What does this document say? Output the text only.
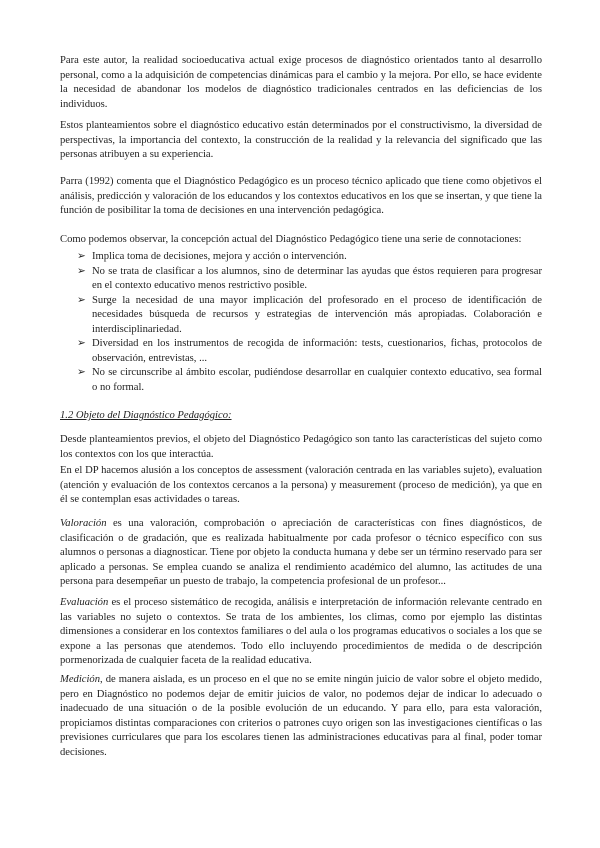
Para este autor, la realidad socioeducativa actual exige procesos de diagnóstico orientados tanto al desarrollo personal, como a la adquisición de competencias dinámicas para el cambio y la mejora. Por ello, se hace evidente la necesidad de abandonar los modelos de diagnóstico tradicionales centrados en las deficiencias de los individuos.

Estos planteamientos sobre el diagnóstico educativo están determinados por el constructivismo, la diversidad de perspectivas, la importancia del contexto, la construcción de la realidad y la relevancia del significado que las personas atribuyen a su experiencia.

Parra (1992) comenta que el Diagnóstico Pedagógico es un proceso técnico aplicado que tiene como objetivos el análisis, predicción y valoración de los educandos y los contextos educativos en los que se insertan, y que tiene la función de posibilitar la toma de decisiones en una intervención pedagógica.

Como podemos observar, la concepción actual del Diagnóstico Pedagógico tiene una serie de connotaciones:

➢ Implica toma de decisiones, mejora y acción o intervención.
➢ No se trata de clasificar a los alumnos, sino de determinar las ayudas que éstos requieren para progresar en el contexto educativo menos restrictivo posible.
➢ Surge la necesidad de una mayor implicación del profesorado en el proceso de identificación de necesidades búsqueda de recursos y estrategias de intervención más apropiadas. Colaboración e interdisciplinariedad.
➢ Diversidad en los instrumentos de recogida de información: tests, cuestionarios, fichas, protocolos de observación, entrevistas, ...
➢ No se circunscribe al ámbito escolar, pudiéndose desarrollar en cualquier contexto educativo, sea formal o no formal.
1.2 Objeto del Diagnóstico Pedagógico:

Desde planteamientos previos, el objeto del Diagnóstico Pedagógico son tanto las características del sujeto como los contextos con los que interactúa.

En el DP hacemos alusión a los conceptos de assessment (valoración centrada en las variables sujeto), evaluation (atención y evaluación de los contextos cercanos a la persona) y measurement (proceso de medición), ya que en él se contemplan esas actividades o tareas.

Valoración es una valoración, comprobación o apreciación de características con fines diagnósticos, de clasificación o de gradación, que es realizada habitualmente por cada profesor o técnico específico con sus alumnos o personas a diagnosticar. Tiene por objeto la conducta humana y debe ser un término reservado para ser aplicado a personas. Se emplea cuando se analiza el rendimiento académico del alumno, las actitudes de una persona para desempeñar un puesto de trabajo, la competencia profesional de un profesor...

Evaluación es el proceso sistemático de recogida, análisis e interpretación de información relevante centrado en las variables no sujeto o contextos. Se trata de los ambientes, los climas, como por ejemplo las distintas dimensiones a considerar en los contextos familiares o del aula o los programas educativos o sociales a los que se expone a las personas que atendemos. Todo ello incluyendo procedimientos de medida o de descripción pormenorizada de cualquier faceta de la realidad educativa.

Medición, de manera aislada, es un proceso en el que no se emite ningún juicio de valor sobre el objeto medido, pero en Diagnóstico no podemos dejar de emitir juicios de valor, no podemos dejar de indicar lo adecuado o inadecuado de una situación o de la posible evolución de un educando. Y para ello, para esta valoración, propiciamos distintas comparaciones con criterios o patrones cuyo origen son las investigaciones científicas o las previsiones curriculares que para los escolares tienen las administraciones educativas para al final, poder tomar decisiones.
